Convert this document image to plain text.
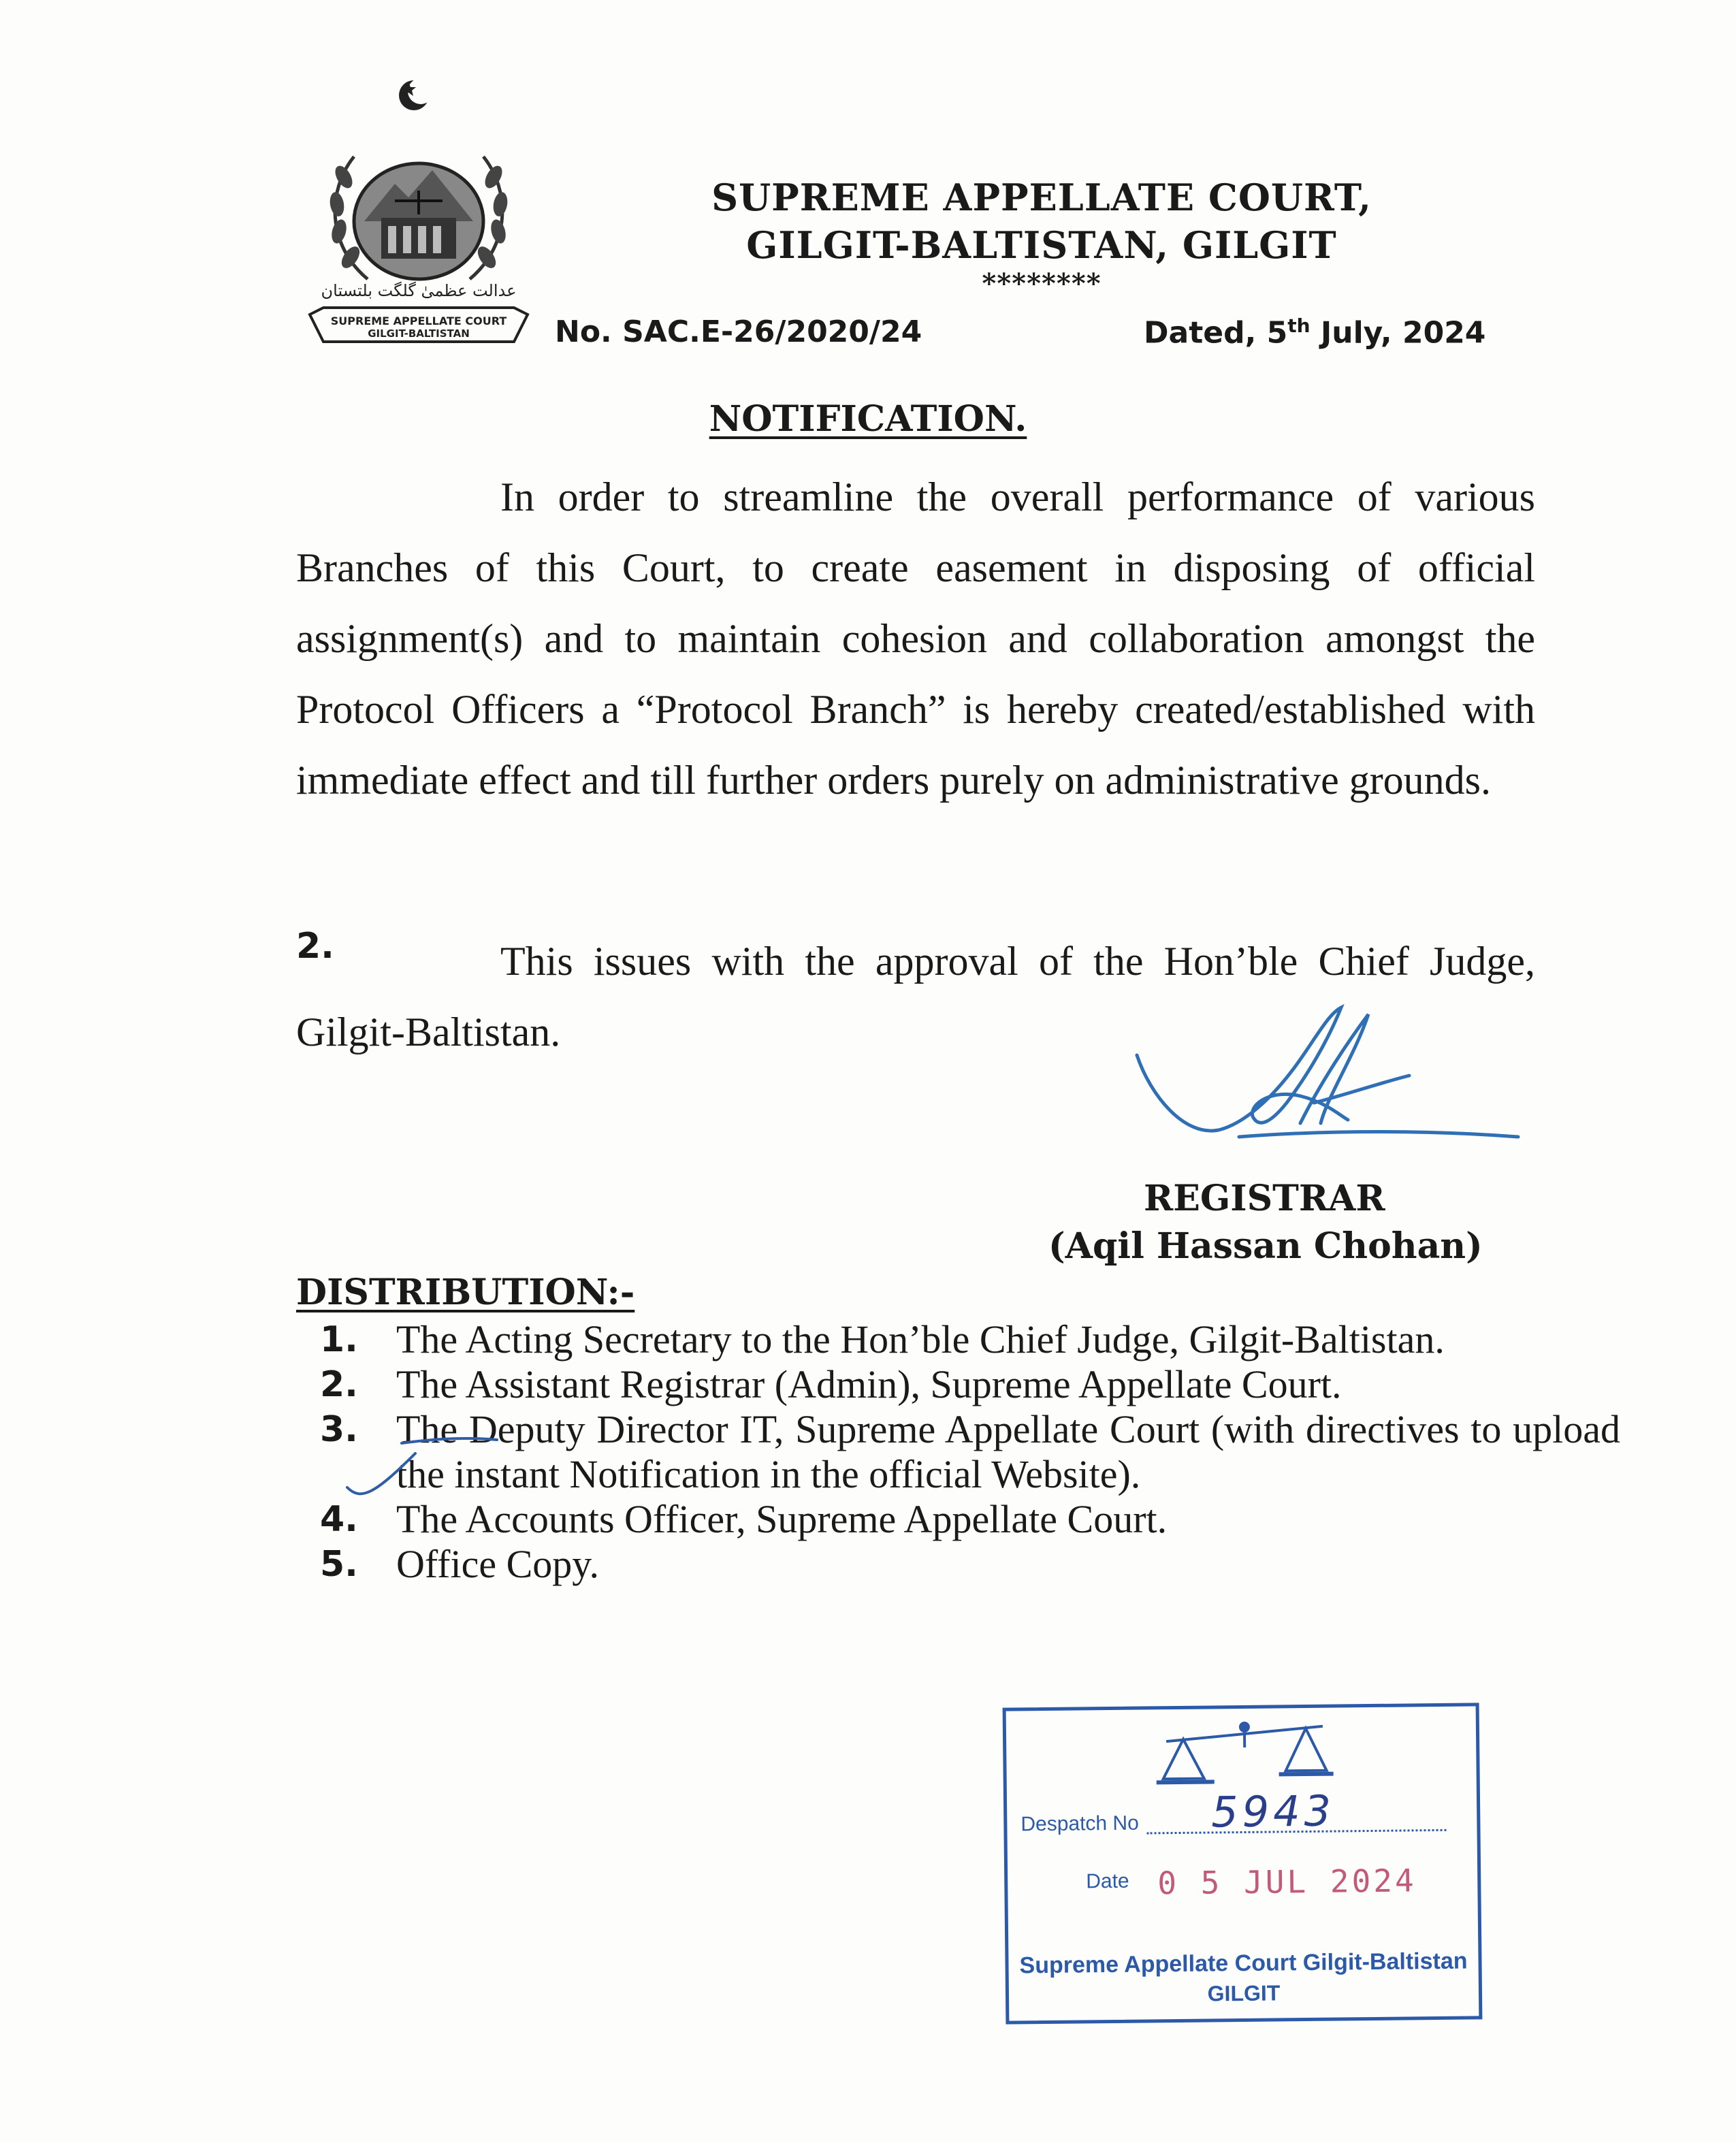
عدالت عظمیٰ گلگت بلتستان
SUPREME APPELLATE COURT
GILGIT-BALTISTAN
SUPREME APPELLATE COURT,
GILGIT-BALTISTAN, GILGIT
********
No. SAC.E-26/2020/24	Dated, 5th July, 2024
NOTIFICATION.
In order to streamline the overall performance of various Branches of this Court, to create easement in disposing of official assignment(s) and to maintain cohesion and collaboration amongst the Protocol Officers a “Protocol Branch” is hereby created/established with immediate effect and till further orders purely on administrative grounds.
2.	This issues with the approval of the Hon’ble Chief Judge, Gilgit-Baltistan.
REGISTRAR
(Aqil Hassan Chohan)
DISTRIBUTION:-
1. The Acting Secretary to the Hon’ble Chief Judge, Gilgit-Baltistan.
2. The Assistant Registrar (Admin), Supreme Appellate Court.
3. The Deputy Director IT, Supreme Appellate Court (with directives to upload the instant Notification in the official Website).
4. The Accounts Officer, Supreme Appellate Court.
5. Office Copy.
Despatch No 5943
Date 0 5 JUL 2024
Supreme Appellate Court Gilgit-Baltistan
GILGIT
